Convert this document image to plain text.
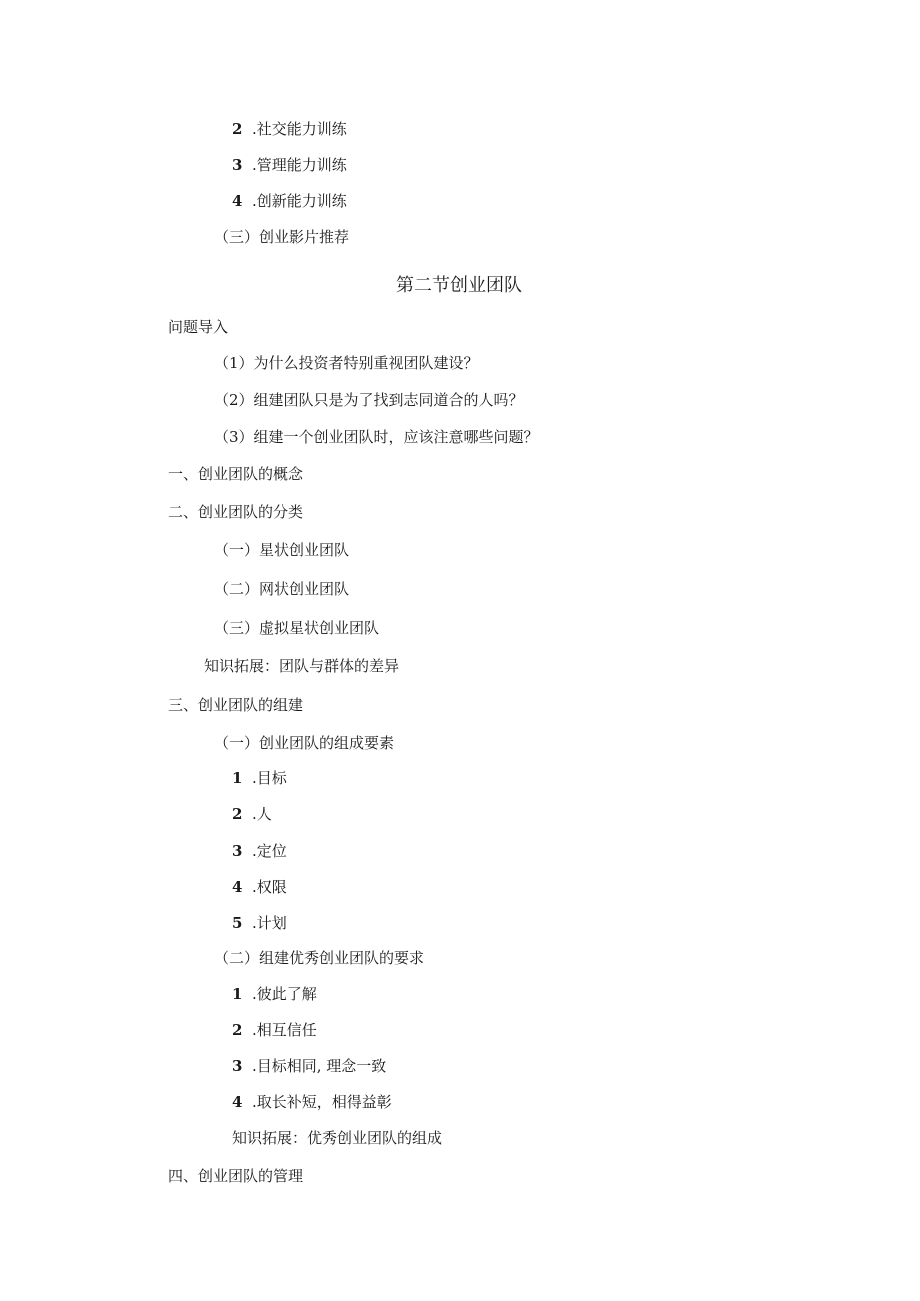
2 .社交能力训练
3 .管理能力训练
4 .创新能力训练
（三）创业影片推荐
第二节创业团队
问题导入
（1）为什么投资者特别重视团队建设？
（2）组建团队只是为了找到志同道合的人吗？
（3）组建一个创业团队时，应该注意哪些问题？
一、创业团队的概念
二、创业团队的分类
（一）星状创业团队
（二）网状创业团队
（三）虚拟星状创业团队
知识拓展：团队与群体的差异
三、创业团队的组建
（一）创业团队的组成要素
1 .目标
2 .人
3 .定位
4 .权限
5 .计划
（二）组建优秀创业团队的要求
1 .彼此了解
2 .相互信任
3 .目标相同, 理念一致
4 .取长补短，相得益彰
知识拓展：优秀创业团队的组成
四、创业团队的管理
